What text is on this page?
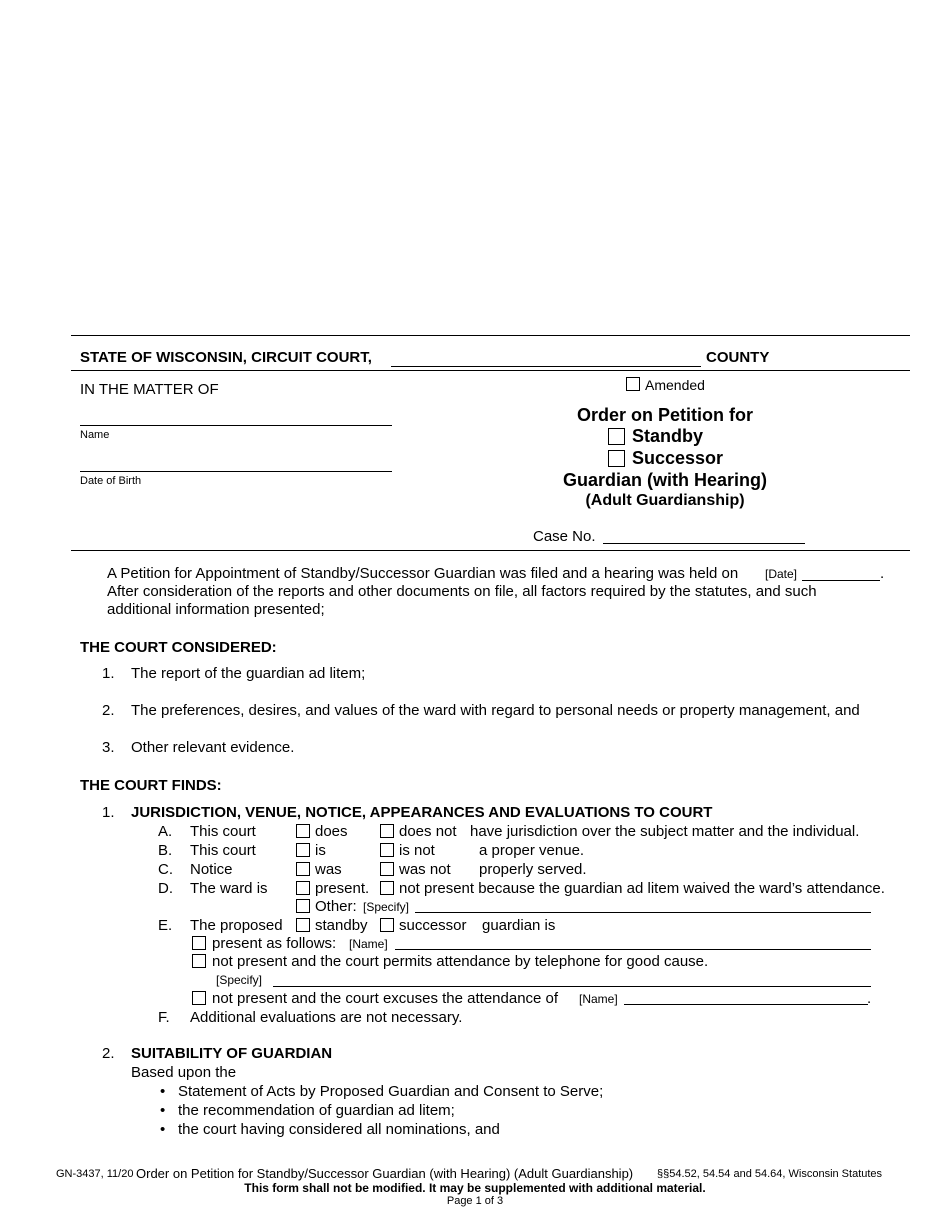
STATE OF WISCONSIN, CIRCUIT COURT,	COUNTY
IN THE MATTER OF
Name
Date of Birth
Amended
Order on Petition for
Standby
Successor
Guardian (with Hearing)
(Adult Guardianship)
Case No.
A Petition for Appointment of Standby/Successor Guardian was filed and a hearing was held on [Date]	.
After consideration of the reports and other documents on file, all factors required by the statutes, and such
additional information presented;
THE COURT CONSIDERED:
1. The report of the guardian ad litem;
2. The preferences, desires, and values of the ward with regard to personal needs or property management, and
3. Other relevant evidence.
THE COURT FINDS:
1. JURISDICTION, VENUE, NOTICE, APPEARANCES AND EVALUATIONS TO COURT
A. This court	does	does not have jurisdiction over the subject matter and the individual.
B. This court	is	is not	a proper venue.
C. Notice	was	was not properly served.
D. The ward is	present. not present because the guardian ad litem waived the ward’s attendance.
Other: [Specify]
E. The proposed standby successor guardian is
present as follows: [Name]
not present and the court permits attendance by telephone for good cause.
[Specify]
not present and the court excuses the attendance of [Name]	.
F. Additional evaluations are not necessary.
2. SUITABILITY OF GUARDIAN
Based upon the
• Statement of Acts by Proposed Guardian and Consent to Serve;
• the recommendation of guardian ad litem;
• the court having considered all nominations, and
GN-3437, 11/20 Order on Petition for Standby/Successor Guardian (with Hearing) (Adult Guardianship) §§54.52, 54.54 and 54.64, Wisconsin Statutes
This form shall not be modified. It may be supplemented with additional material.
Page 1 of 3
